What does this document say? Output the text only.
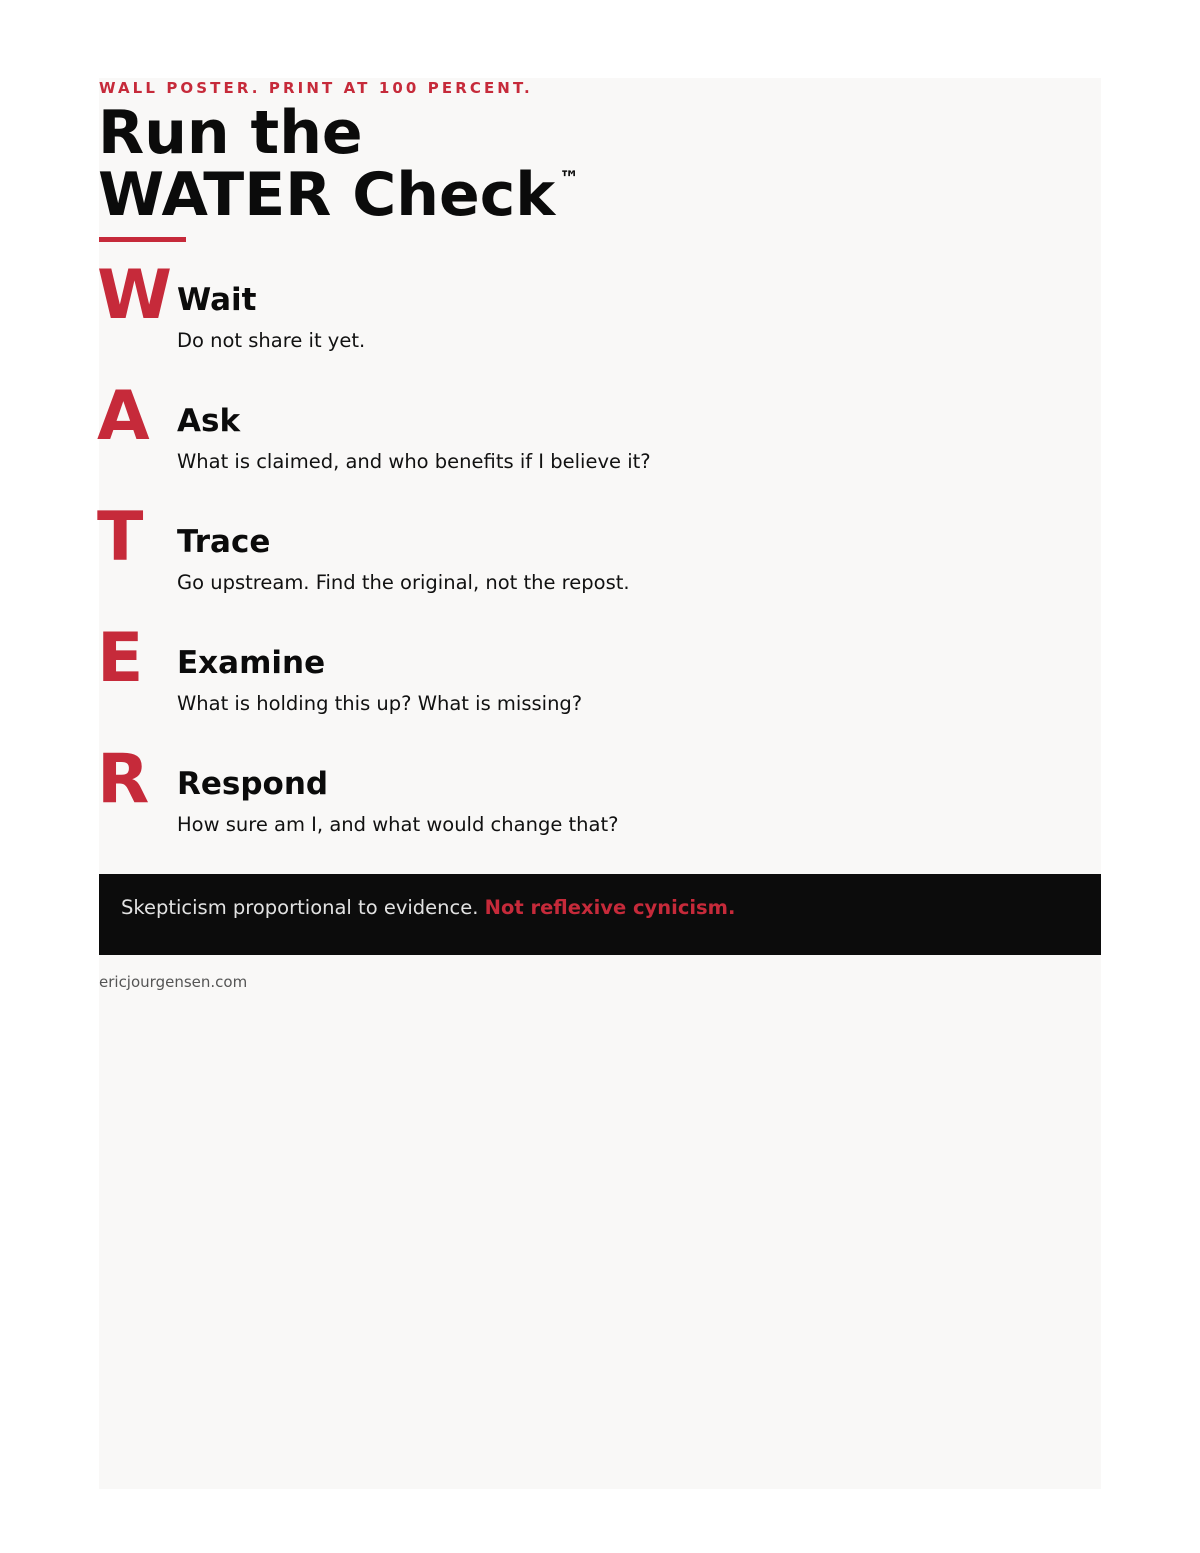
WALL POSTER. PRINT AT 100 PERCENT.
Run the
WATER Check ™
W Wait
Do not share it yet.
A Ask
What is claimed, and who benefits if I believe it?
T Trace
Go upstream. Find the original, not the repost.
E Examine
What is holding this up? What is missing?
R Respond
How sure am I, and what would change that?
Skepticism proportional to evidence. Not reflexive cynicism.
ericjourgensen.com
